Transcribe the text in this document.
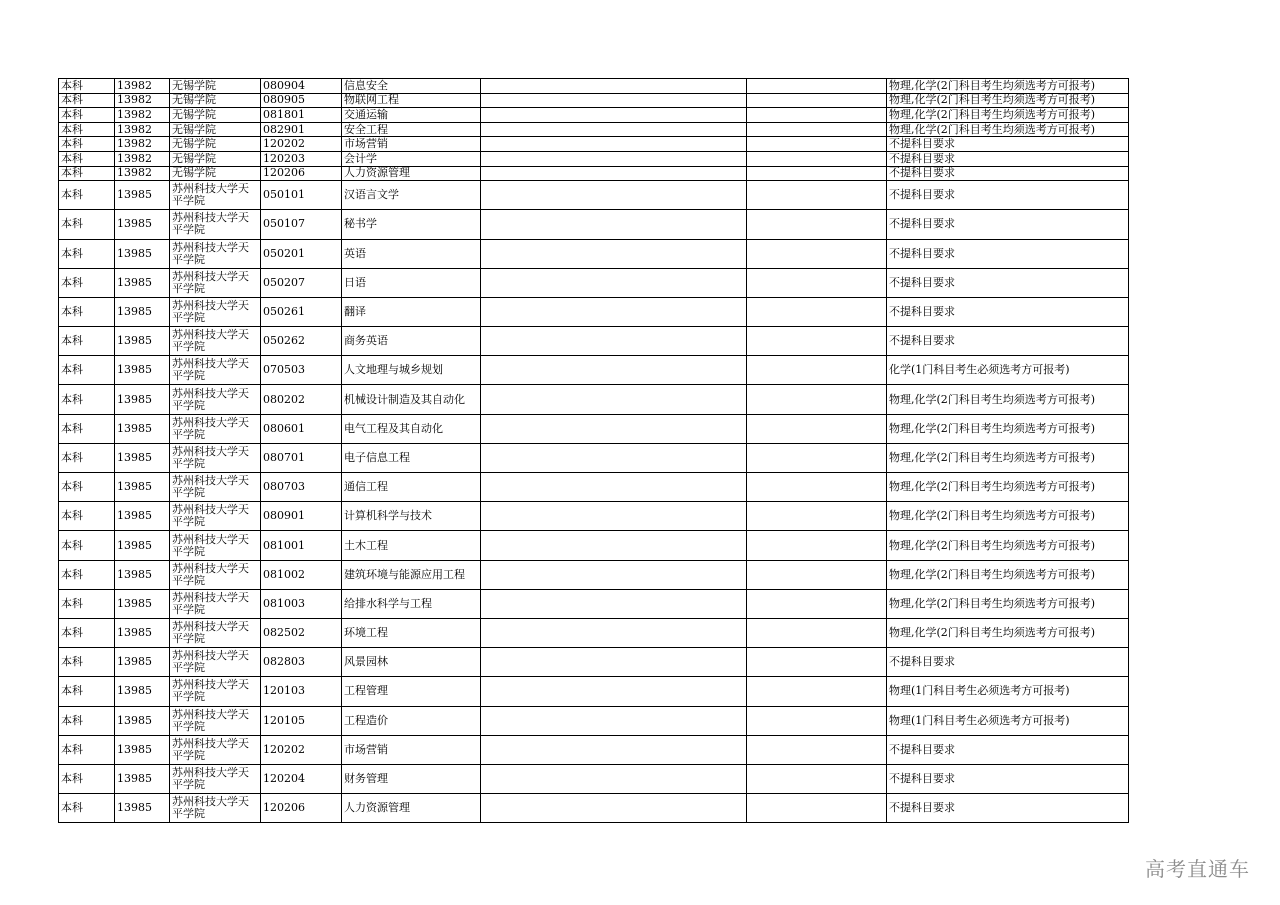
本科	13982	无锡学院	080904	信息安全			物理,化学(2门科目考生均须选考方可报考)
本科	13982	无锡学院	080905	物联网工程			物理,化学(2门科目考生均须选考方可报考)
本科	13982	无锡学院	081801	交通运输			物理,化学(2门科目考生均须选考方可报考)
本科	13982	无锡学院	082901	安全工程			物理,化学(2门科目考生均须选考方可报考)
本科	13982	无锡学院	120202	市场营销			不提科目要求
本科	13982	无锡学院	120203	会计学			不提科目要求
本科	13982	无锡学院	120206	人力资源管理			不提科目要求
本科	13985	苏州科技大学天平学院	050101	汉语言文学			不提科目要求
本科	13985	苏州科技大学天平学院	050107	秘书学			不提科目要求
本科	13985	苏州科技大学天平学院	050201	英语			不提科目要求
本科	13985	苏州科技大学天平学院	050207	日语			不提科目要求
本科	13985	苏州科技大学天平学院	050261	翻译			不提科目要求
本科	13985	苏州科技大学天平学院	050262	商务英语			不提科目要求
本科	13985	苏州科技大学天平学院	070503	人文地理与城乡规划			化学(1门科目考生必须选考方可报考)
本科	13985	苏州科技大学天平学院	080202	机械设计制造及其自动化			物理,化学(2门科目考生均须选考方可报考)
本科	13985	苏州科技大学天平学院	080601	电气工程及其自动化			物理,化学(2门科目考生均须选考方可报考)
本科	13985	苏州科技大学天平学院	080701	电子信息工程			物理,化学(2门科目考生均须选考方可报考)
本科	13985	苏州科技大学天平学院	080703	通信工程			物理,化学(2门科目考生均须选考方可报考)
本科	13985	苏州科技大学天平学院	080901	计算机科学与技术			物理,化学(2门科目考生均须选考方可报考)
本科	13985	苏州科技大学天平学院	081001	土木工程			物理,化学(2门科目考生均须选考方可报考)
本科	13985	苏州科技大学天平学院	081002	建筑环境与能源应用工程			物理,化学(2门科目考生均须选考方可报考)
本科	13985	苏州科技大学天平学院	081003	给排水科学与工程			物理,化学(2门科目考生均须选考方可报考)
本科	13985	苏州科技大学天平学院	082502	环境工程			物理,化学(2门科目考生均须选考方可报考)
本科	13985	苏州科技大学天平学院	082803	风景园林			不提科目要求
本科	13985	苏州科技大学天平学院	120103	工程管理			物理(1门科目考生必须选考方可报考)
本科	13985	苏州科技大学天平学院	120105	工程造价			物理(1门科目考生必须选考方可报考)
本科	13985	苏州科技大学天平学院	120202	市场营销			不提科目要求
本科	13985	苏州科技大学天平学院	120204	财务管理			不提科目要求
本科	13985	苏州科技大学天平学院	120206	人力资源管理			不提科目要求
高考直通车
